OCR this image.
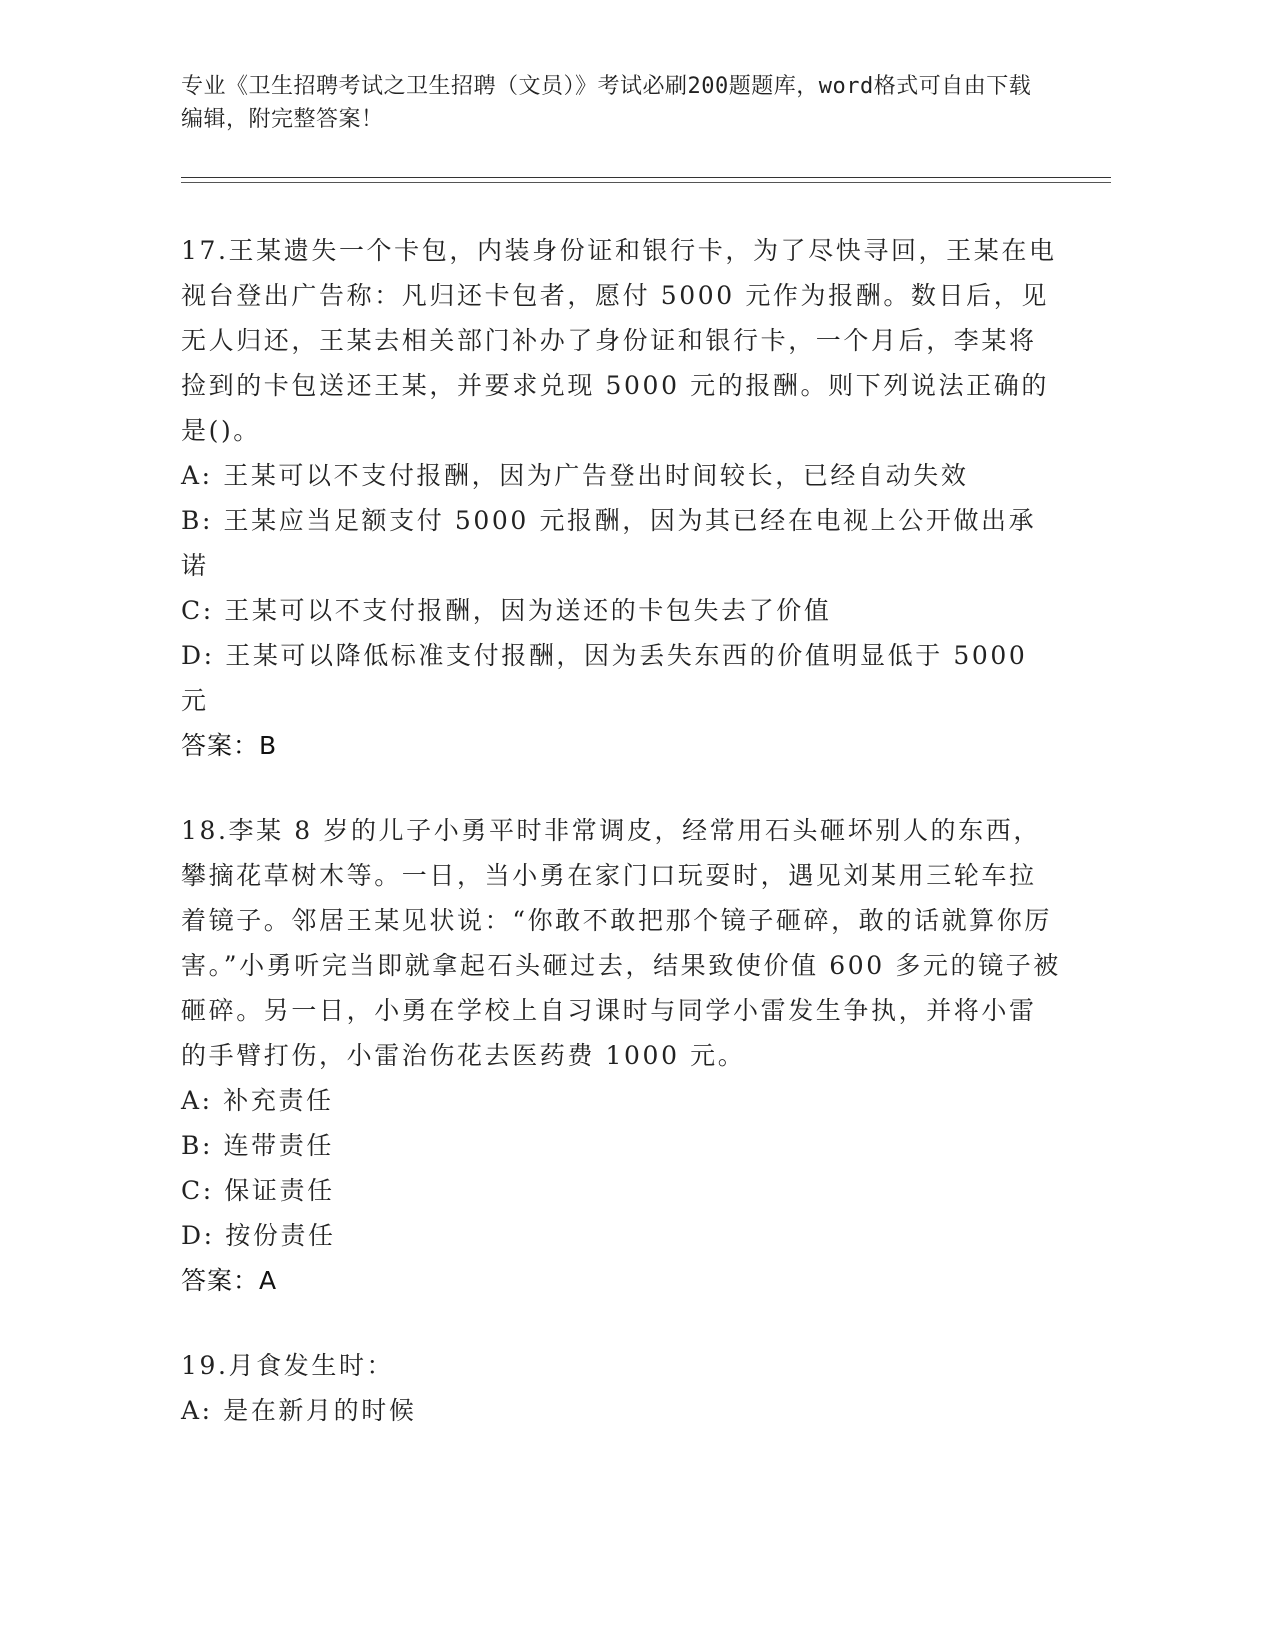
专业《卫生招聘考试之卫生招聘（文员）》考试必刷200题题库，word格式可自由下载编辑，附完整答案！

17.王某遗失一个卡包，内装身份证和银行卡，为了尽快寻回，王某在电视台登出广告称：凡归还卡包者，愿付 5000 元作为报酬。数日后，见无人归还，王某去相关部门补办了身份证和银行卡，一个月后，李某将捡到的卡包送还王某，并要求兑现 5000 元的报酬。则下列说法正确的是()。

A: 王某可以不支付报酬，因为广告登出时间较长，已经自动失效

B: 王某应当足额支付 5000 元报酬，因为其已经在电视上公开做出承诺

C: 王某可以不支付报酬，因为送还的卡包失去了价值

D: 王某可以降低标准支付报酬，因为丢失东西的价值明显低于 5000 元

答案：B

18.李某 8 岁的儿子小勇平时非常调皮，经常用石头砸坏别人的东西，攀摘花草树木等。一日，当小勇在家门口玩耍时，遇见刘某用三轮车拉着镜子。邻居王某见状说：“你敢不敢把那个镜子砸碎，敢的话就算你厉害。”小勇听完当即就拿起石头砸过去，结果致使价值 600 多元的镜子被砸碎。另一日，小勇在学校上自习课时与同学小雷发生争执，并将小雷的手臂打伤，小雷治伤花去医药费 1000 元。

A: 补充责任

B: 连带责任

C: 保证责任

D: 按份责任

答案：A

19.月食发生时：

A: 是在新月的时候
